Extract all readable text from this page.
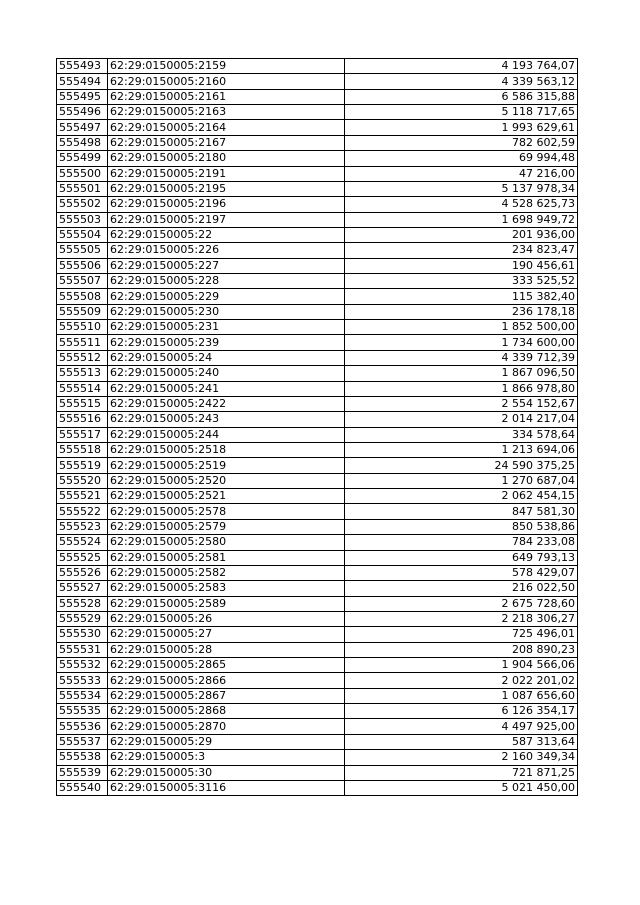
555493	62:29:0150005:2159	4 193 764,07
555494	62:29:0150005:2160	4 339 563,12
555495	62:29:0150005:2161	6 586 315,88
555496	62:29:0150005:2163	5 118 717,65
555497	62:29:0150005:2164	1 993 629,61
555498	62:29:0150005:2167	782 602,59
555499	62:29:0150005:2180	69 994,48
555500	62:29:0150005:2191	47 216,00
555501	62:29:0150005:2195	5 137 978,34
555502	62:29:0150005:2196	4 528 625,73
555503	62:29:0150005:2197	1 698 949,72
555504	62:29:0150005:22	201 936,00
555505	62:29:0150005:226	234 823,47
555506	62:29:0150005:227	190 456,61
555507	62:29:0150005:228	333 525,52
555508	62:29:0150005:229	115 382,40
555509	62:29:0150005:230	236 178,18
555510	62:29:0150005:231	1 852 500,00
555511	62:29:0150005:239	1 734 600,00
555512	62:29:0150005:24	4 339 712,39
555513	62:29:0150005:240	1 867 096,50
555514	62:29:0150005:241	1 866 978,80
555515	62:29:0150005:2422	2 554 152,67
555516	62:29:0150005:243	2 014 217,04
555517	62:29:0150005:244	334 578,64
555518	62:29:0150005:2518	1 213 694,06
555519	62:29:0150005:2519	24 590 375,25
555520	62:29:0150005:2520	1 270 687,04
555521	62:29:0150005:2521	2 062 454,15
555522	62:29:0150005:2578	847 581,30
555523	62:29:0150005:2579	850 538,86
555524	62:29:0150005:2580	784 233,08
555525	62:29:0150005:2581	649 793,13
555526	62:29:0150005:2582	578 429,07
555527	62:29:0150005:2583	216 022,50
555528	62:29:0150005:2589	2 675 728,60
555529	62:29:0150005:26	2 218 306,27
555530	62:29:0150005:27	725 496,01
555531	62:29:0150005:28	208 890,23
555532	62:29:0150005:2865	1 904 566,06
555533	62:29:0150005:2866	2 022 201,02
555534	62:29:0150005:2867	1 087 656,60
555535	62:29:0150005:2868	6 126 354,17
555536	62:29:0150005:2870	4 497 925,00
555537	62:29:0150005:29	587 313,64
555538	62:29:0150005:3	2 160 349,34
555539	62:29:0150005:30	721 871,25
555540	62:29:0150005:3116	5 021 450,00
